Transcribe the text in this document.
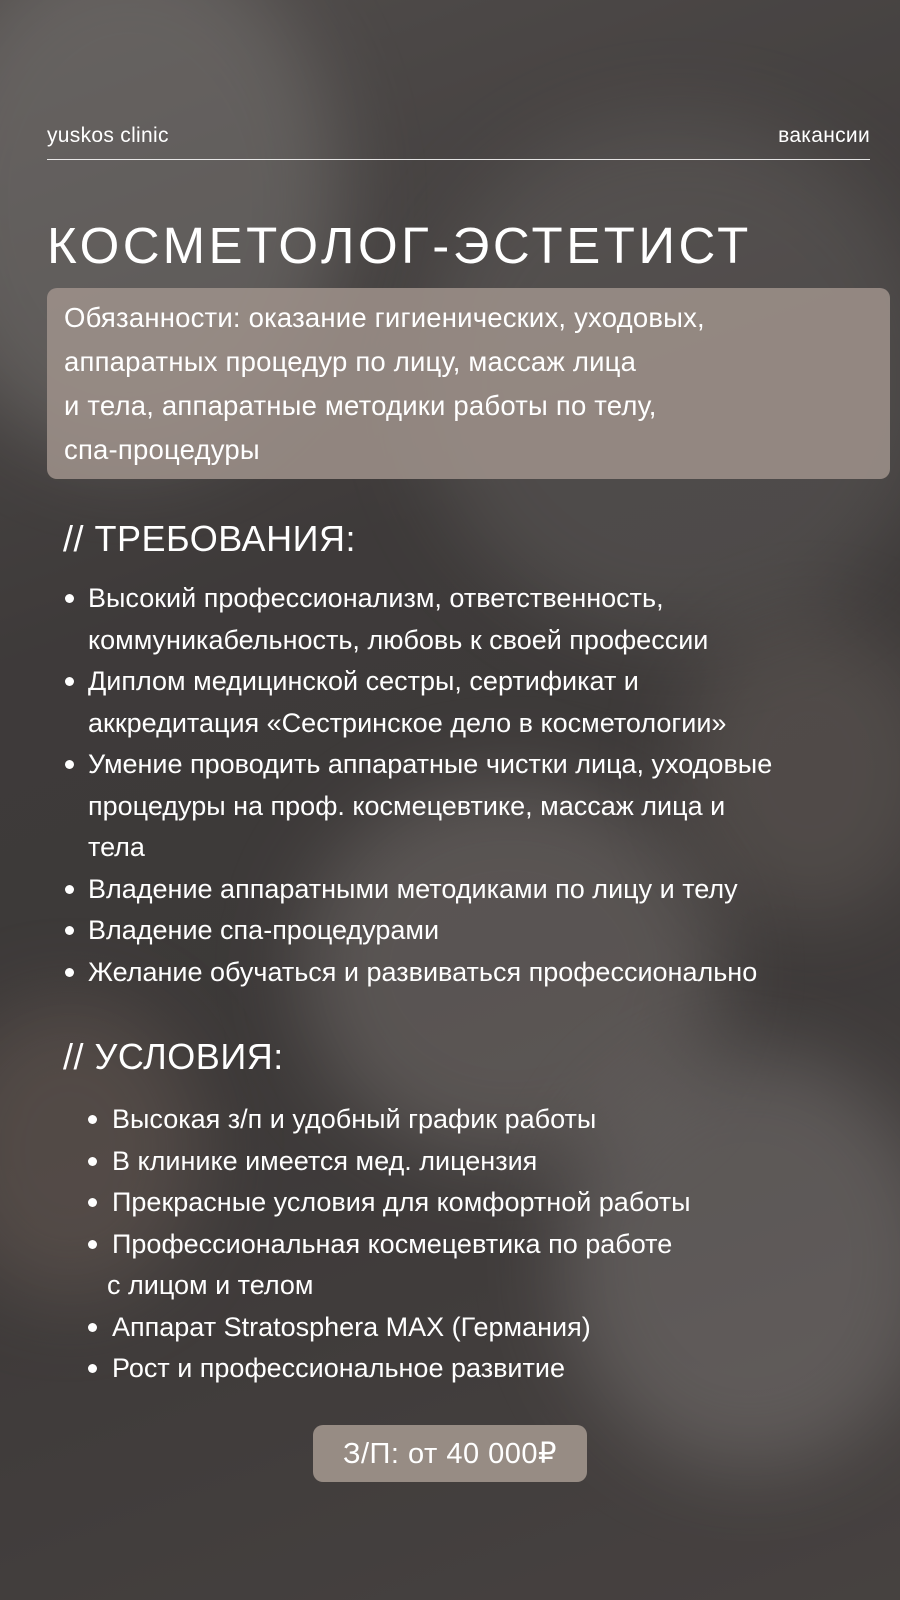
yuskos clinic	вакансии
КОСМЕТОЛОГ-ЭСТЕТИСТ
Обязанности: оказание гигиенических, уходовых,
аппаратных процедур по лицу, массаж лица
и тела, аппаратные методики работы по телу,
спа-процедуры
// ТРЕБОВАНИЯ:
Высокий профессионализм, ответственность,
коммуникабельность, любовь к своей профессии
Диплом медицинской сестры, сертификат и
аккредитация «Сестринское дело в косметологии»
Умение проводить аппаратные чистки лица, уходовые
процедуры на проф. космецевтике, массаж лица и
тела
Владение аппаратными методиками по лицу и телу
Владение спа-процедурами
Желание обучаться и развиваться профессионально
// УСЛОВИЯ:
Высокая з/п и удобный график работы
В клинике имеется мед. лицензия
Прекрасные условия для комфортной работы
Профессиональная космецевтика по работе
с лицом и телом
Аппарат Stratosphera MAX (Германия)
Рост и профессиональное развитие
З/П: от 40 000₽
